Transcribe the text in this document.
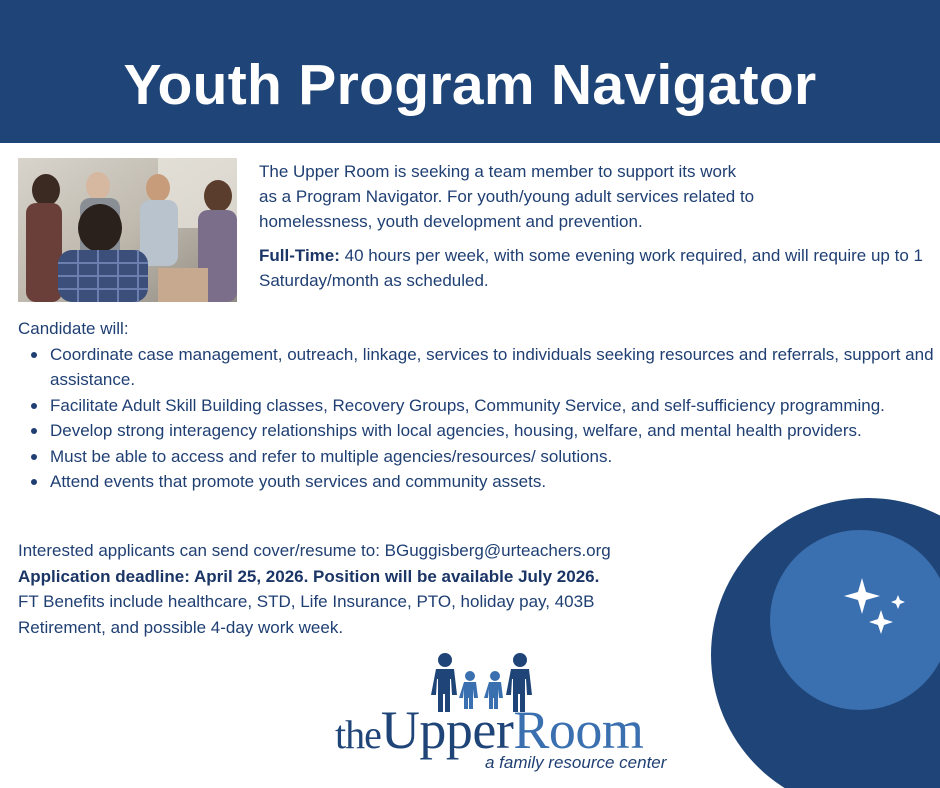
Youth Program Navigator

The Upper Room is seeking a team member to support its work
as a Program Navigator. For youth/young adult services related to
homelessness, youth development and prevention.

Full-Time: 40 hours per week, with some evening work required, and will require up to 1 Saturday/month as scheduled.

Candidate will:
Coordinate case management, outreach, linkage, services to individuals seeking resources and referrals, support and assistance.
Facilitate Adult Skill Building classes, Recovery Groups, Community Service, and self-sufficiency programming.
Develop strong interagency relationships with local agencies, housing, welfare, and mental health providers.
Must be able to access and refer to multiple agencies/resources/ solutions.
Attend events that promote youth services and community assets.

Interested applicants can send cover/resume to: BGuggisberg@urteachers.org

Application deadline: April 25, 2026. Position will be available July 2026.

FT Benefits include healthcare, STD, Life Insurance, PTO, holiday pay, 403B

Retirement, and possible 4-day work week.

theUpperRoom
a family resource center
